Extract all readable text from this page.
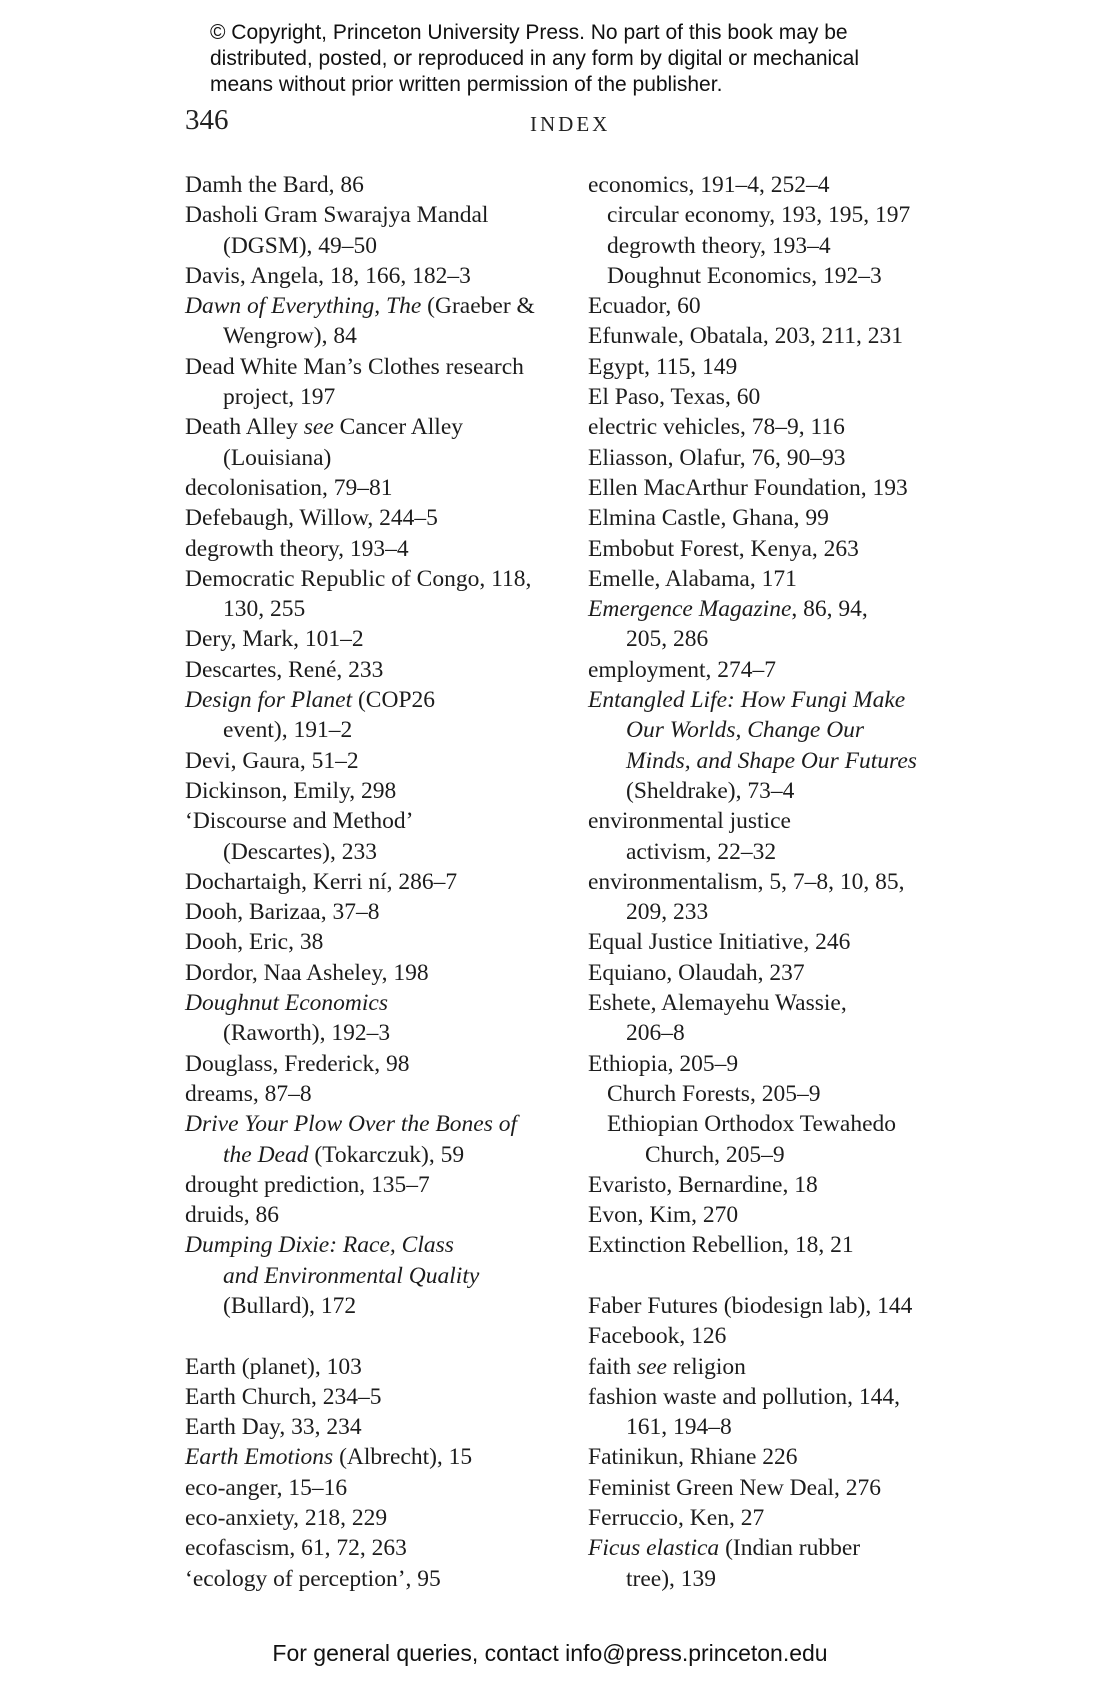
© Copyright, Princeton University Press. No part of this book may be
distributed, posted, or reproduced in any form by digital or mechanical
means without prior written permission of the publisher.
346	INDEX
Damh the Bard, 86
Dasholi Gram Swarajya Mandal
(DGSM), 49–50
Davis, Angela, 18, 166, 182–3
Dawn of Everything, The (Graeber &
Wengrow), 84
Dead White Man’s Clothes research
project, 197
Death Alley see Cancer Alley
(Louisiana)
decolonisation, 79–81
Defebaugh, Willow, 244–5
degrowth theory, 193–4
Democratic Republic of Congo, 118,
130, 255
Dery, Mark, 101–2
Descartes, René, 233
Design for Planet (COP26
event), 191–2
Devi, Gaura, 51–2
Dickinson, Emily, 298
‘Discourse and Method’
(Descartes), 233
Dochartaigh, Kerri ní, 286–7
Dooh, Barizaa, 37–8
Dooh, Eric, 38
Dordor, Naa Asheley, 198
Doughnut Economics
(Raworth), 192–3
Douglass, Frederick, 98
dreams, 87–8
Drive Your Plow Over the Bones of
the Dead (Tokarczuk), 59
drought prediction, 135–7
druids, 86
Dumping Dixie: Race, Class
and Environmental Quality
(Bullard), 172
Earth (planet), 103
Earth Church, 234–5
Earth Day, 33, 234
Earth Emotions (Albrecht), 15
eco-anger, 15–16
eco-anxiety, 218, 229
ecofascism, 61, 72, 263
‘ecology of perception’, 95
economics, 191–4, 252–4
circular economy, 193, 195, 197
degrowth theory, 193–4
Doughnut Economics, 192–3
Ecuador, 60
Efunwale, Obatala, 203, 211, 231
Egypt, 115, 149
El Paso, Texas, 60
electric vehicles, 78–9, 116
Eliasson, Olafur, 76, 90–93
Ellen MacArthur Foundation, 193
Elmina Castle, Ghana, 99
Embobut Forest, Kenya, 263
Emelle, Alabama, 171
Emergence Magazine, 86, 94,
205, 286
employment, 274–7
Entangled Life: How Fungi Make
Our Worlds, Change Our
Minds, and Shape Our Futures
(Sheldrake), 73–4
environmental justice
activism, 22–32
environmentalism, 5, 7–8, 10, 85,
209, 233
Equal Justice Initiative, 246
Equiano, Olaudah, 237
Eshete, Alemayehu Wassie,
206–8
Ethiopia, 205–9
Church Forests, 205–9
Ethiopian Orthodox Tewahedo
Church, 205–9
Evaristo, Bernardine, 18
Evon, Kim, 270
Extinction Rebellion, 18, 21
Faber Futures (biodesign lab), 144
Facebook, 126
faith see religion
fashion waste and pollution, 144,
161, 194–8
Fatinikun, Rhiane 226
Feminist Green New Deal, 276
Ferruccio, Ken, 27
Ficus elastica (Indian rubber
tree), 139
For general queries, contact info@press.princeton.edu
